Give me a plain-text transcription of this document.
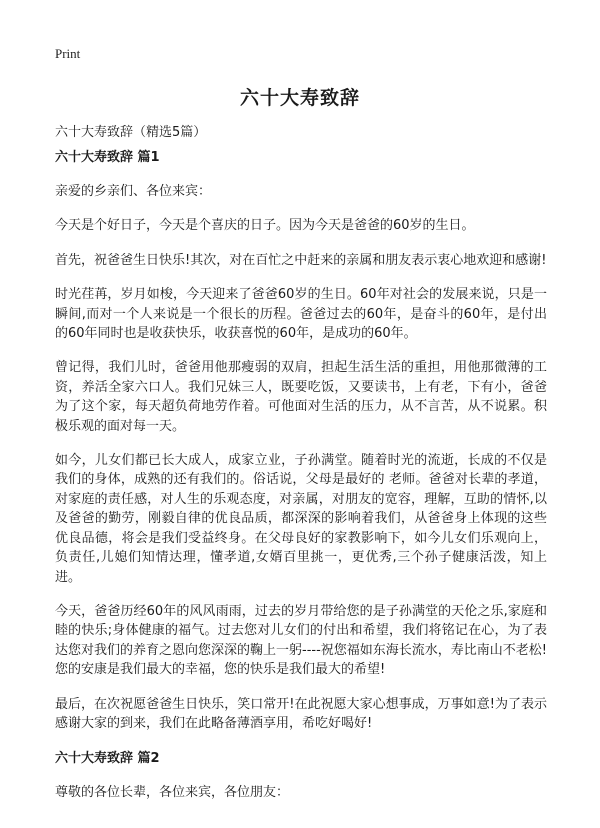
Print
六十大寿致辞
六十大寿致辞（精选5篇）
六十大寿致辞 篇1

亲爱的乡亲们、各位来宾：

今天是个好日子，今天是个喜庆的日子。因为今天是爸爸的60岁的生日。

首先，祝爸爸生日快乐!其次，对在百忙之中赶来的亲属和朋友表示衷心地欢迎和感谢!

时光荏苒，岁月如梭，今天迎来了爸爸60岁的生日。60年对社会的发展来说，只是一瞬间,而对一个人来说是一个很长的历程。爸爸过去的60年，是奋斗的60年，是付出的60年同时也是收获快乐，收获喜悦的60年，是成功的60年。

曾记得，我们儿时，爸爸用他那瘦弱的双肩，担起生活生活的重担，用他那微薄的工资，养活全家六口人。我们兄妹三人，既要吃饭，又要读书，上有老，下有小，爸爸为了这个家，每天超负荷地劳作着。可他面对生活的压力，从不言苦，从不说累。积极乐观的面对每一天。

如今，儿女们都已长大成人，成家立业，子孙满堂。随着时光的流逝，长成的不仅是我们的身体，成熟的还有我们的。俗话说，父母是最好的 老师。爸爸对长辈的孝道，对家庭的责任感，对人生的乐观态度，对亲属，对朋友的宽容，理解，互助的情怀,以及爸爸的勤劳，刚毅自律的优良品质，都深深的影响着我们，从爸爸身上体现的这些优良品德，将会是我们受益终身。在父母良好的家教影响下，如今儿女们乐观向上，负责任,儿媳们知情达理，懂孝道,女婿百里挑一，更优秀,三个孙子健康活泼，知上进。

今天，爸爸历经60年的风风雨雨，过去的岁月带给您的是子孙满堂的天伦之乐,家庭和睦的快乐;身体健康的福气。过去您对儿女们的付出和希望，我们将铭记在心，为了表达您对我们的养育之恩向您深深的鞠上一躬----祝您福如东海长流水，寿比南山不老松!您的安康是我们最大的幸福，您的快乐是我们最大的希望!

最后，在次祝愿爸爸生日快乐，笑口常开!在此祝愿大家心想事成，万事如意!为了表示感谢大家的到来，我们在此略备薄酒享用，希吃好喝好!

六十大寿致辞 篇2

尊敬的各位长辈，各位来宾，各位朋友：
